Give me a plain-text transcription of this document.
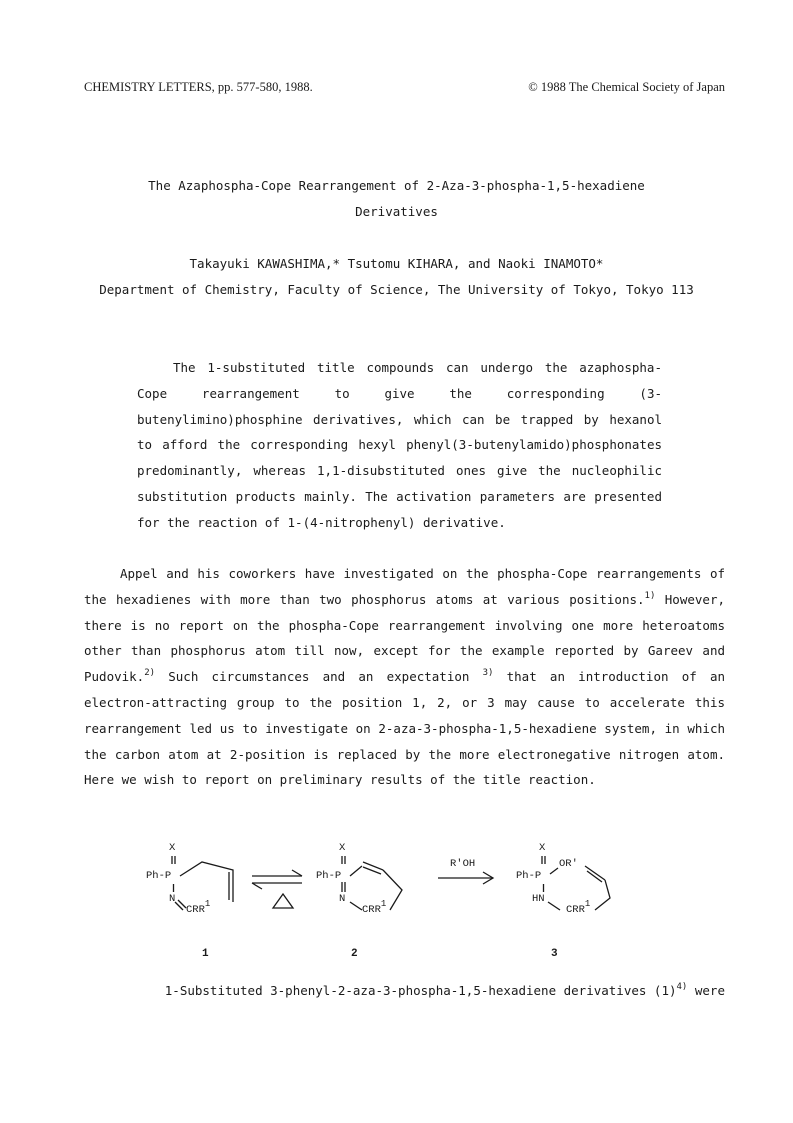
CHEMISTRY LETTERS, pp. 577-580, 1988.	© 1988 The Chemical Society of Japan
The Azaphospha-Cope Rearrangement of 2-Aza-3-phospha-1,5-hexadiene
Derivatives
Takayuki KAWASHIMA,* Tsutomu KIHARA, and Naoki INAMOTO*
Department of Chemistry, Faculty of Science, The University of Tokyo, Tokyo 113

The 1-substituted title compounds can undergo the azaphospha-Cope rearrangement to give the corresponding (3-butenylimino)phosphine derivatives, which can be trapped by hexanol to afford the corresponding hexyl phenyl(3-butenylamido)phosphonates predominantly, whereas 1,1-disubstituted ones give the nucleophilic substitution products mainly. The activation parameters are presented for the reaction of 1-(4-nitrophenyl) derivative.

Appel and his coworkers have investigated on the phospha-Cope rearrangements of the hexadienes with more than two phosphorus atoms at various positions.$^{1)}$ However, there is no report on the phospha-Cope rearrangement involving one more heteroatoms other than phosphorus atom till now, except for the example reported by Gareev and Pudovik.$^{2)}$ Such circumstances and an expectation $^{3)}$ that an introduction of an electron-attracting group to the position 1, 2, or 3 may cause to accelerate this rearrangement led us to investigate on 2-aza-3-phospha-1,5-hexadiene system, in which the carbon atom at 2-position is replaced by the more electronegative nitrogen atom. Here we wish to report on preliminary results of the title reaction.

X
Ph-P
N
CRR$^1$
1
X
Ph-P
N
CRR$^1$
2
R'OH
X
Ph-P
OR'
HN
CRR$^1$
3
1-Substituted 3-phenyl-2-aza-3-phospha-1,5-hexadiene derivatives $(1)^{4)}$ were
